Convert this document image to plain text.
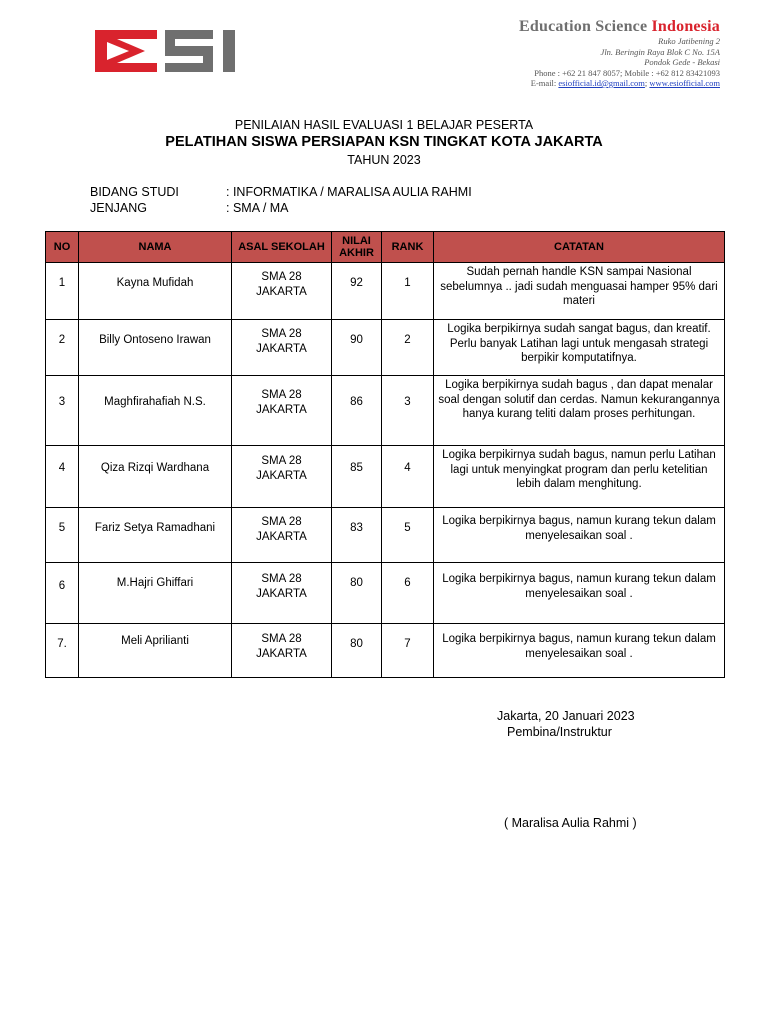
Education Science Indonesia
Ruko Jatibening 2
Jln. Beringin Raya Blok C No. 15A
Pondok Gede - Bekasi
Phone : +62 21 847 8057; Mobile : +62 812 83421093
E-mail: esiofficial.id@gmail.com; www.esiofficial.com
PENILAIAN HASIL EVALUASI 1 BELAJAR PESERTA
PELATIHAN SISWA PERSIAPAN KSN TINGKAT KOTA JAKARTA
TAHUN 2023
BIDANG STUDI	: INFORMATIKA / MARALISA AULIA RAHMI
JENJANG	: SMA / MA
NO	NAMA	ASAL SEKOLAH	NILAI AKHIR	RANK	CATATAN
1	Kayna Mufidah	SMA 28 JAKARTA	92	1	Sudah pernah handle KSN sampai Nasional sebelumnya .. jadi sudah menguasai hamper 95% dari materi
2	Billy Ontoseno Irawan	SMA 28 JAKARTA	90	2	Logika berpikirnya sudah sangat bagus, dan kreatif. Perlu banyak Latihan lagi untuk mengasah strategi berpikir komputatifnya.
3	Maghfirahafiah N.S.	SMA 28 JAKARTA	86	3	Logika berpikirnya sudah bagus , dan dapat menalar soal dengan solutif dan cerdas. Namun kekurangannya hanya kurang teliti dalam proses perhitungan.
4	Qiza Rizqi Wardhana	SMA 28 JAKARTA	85	4	Logika berpikirnya sudah bagus, namun perlu Latihan lagi untuk menyingkat program dan perlu ketelitian lebih dalam menghitung.
5	Fariz Setya Ramadhani	SMA 28 JAKARTA	83	5	Logika berpikirnya bagus, namun kurang tekun dalam menyelesaikan soal .
6	M.Hajri Ghiffari	SMA 28 JAKARTA	80	6	Logika berpikirnya bagus, namun kurang tekun dalam menyelesaikan soal .
7.	Meli Aprilianti	SMA 28 JAKARTA	80	7	Logika berpikirnya bagus, namun kurang tekun dalam menyelesaikan soal .
Jakarta, 20 Januari 2023
Pembina/Instruktur
( Maralisa Aulia Rahmi )
